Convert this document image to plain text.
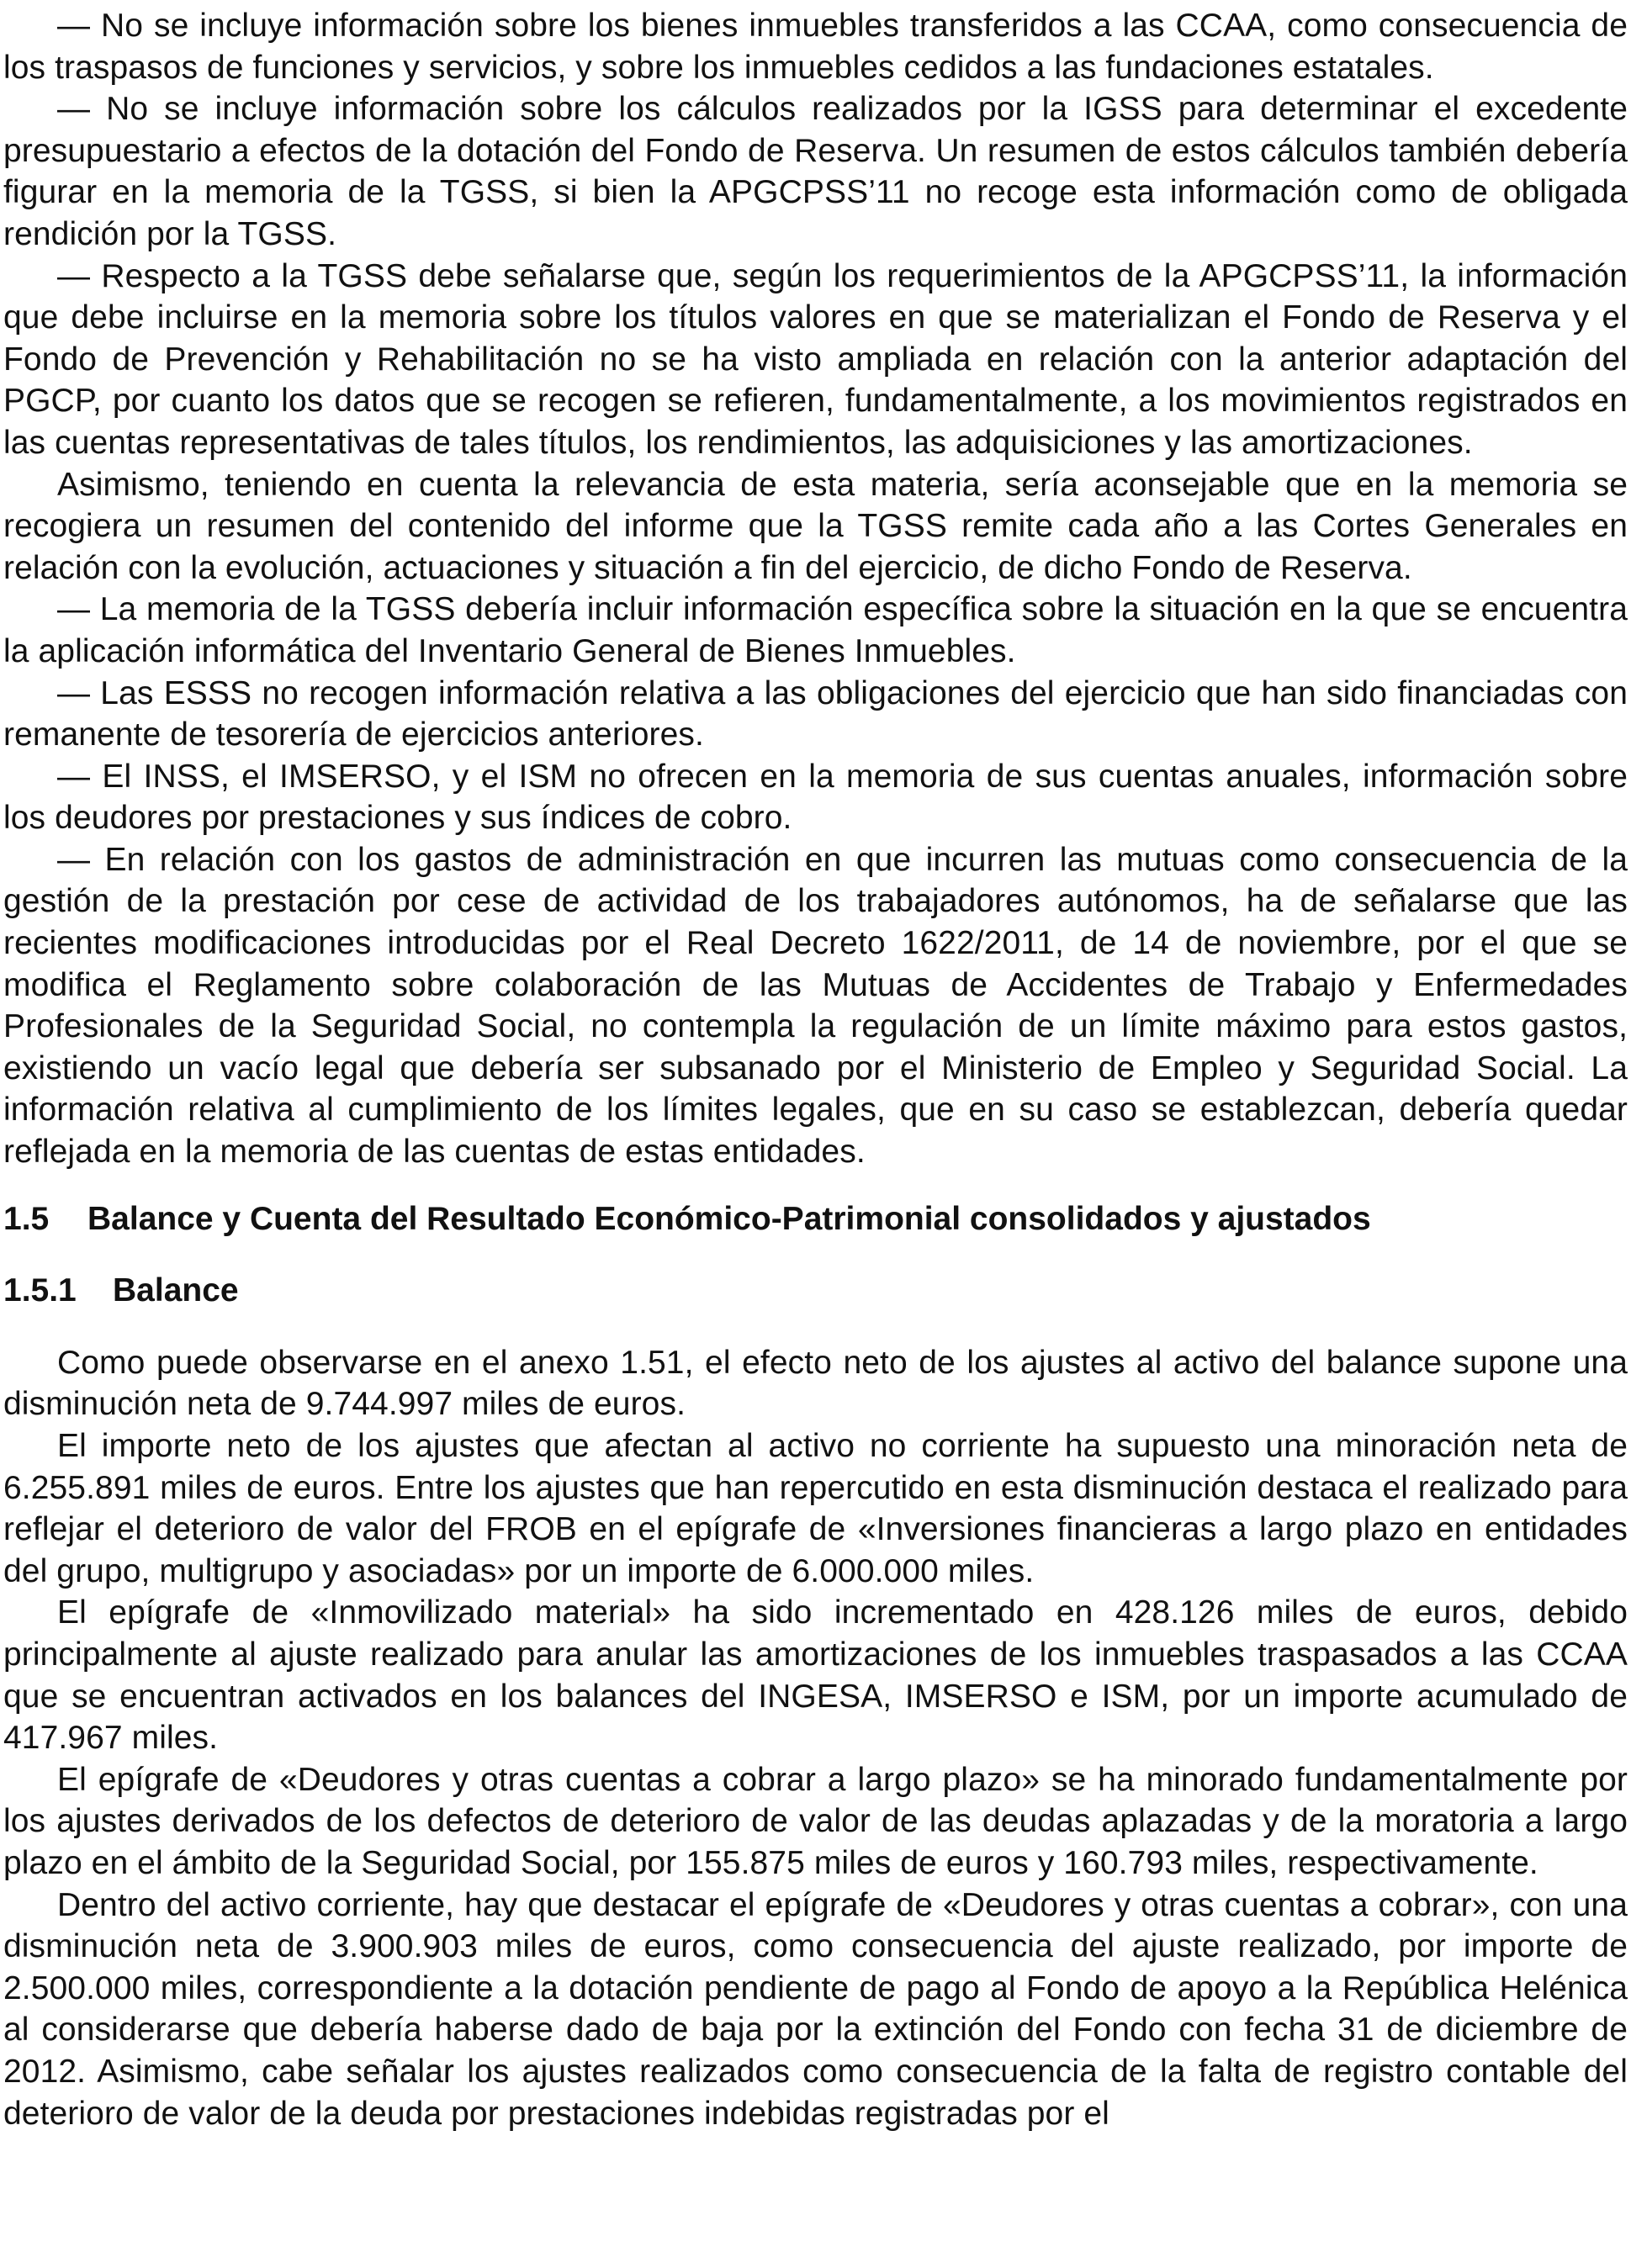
— No se incluye información sobre los bienes inmuebles transferidos a las CCAA, como consecuencia de los traspasos de funciones y servicios, y sobre los inmuebles cedidos a las fundaciones estatales.

— No se incluye información sobre los cálculos realizados por la IGSS para determinar el excedente presupuestario a efectos de la dotación del Fondo de Reserva. Un resumen de estos cálculos también debería figurar en la memoria de la TGSS, si bien la APGCPSS’11 no recoge esta información como de obligada rendición por la TGSS.

— Respecto a la TGSS debe señalarse que, según los requerimientos de la APGCPSS’11, la información que debe incluirse en la memoria sobre los títulos valores en que se materializan el Fondo de Reserva y el Fondo de Prevención y Rehabilitación no se ha visto ampliada en relación con la anterior adaptación del PGCP, por cuanto los datos que se recogen se refieren, fundamentalmente, a los movimientos registrados en las cuentas representativas de tales títulos, los rendimientos, las adquisiciones y las amortizaciones.

Asimismo, teniendo en cuenta la relevancia de esta materia, sería aconsejable que en la memoria se recogiera un resumen del contenido del informe que la TGSS remite cada año a las Cortes Generales en relación con la evolución, actuaciones y situación a fin del ejercicio, de dicho Fondo de Reserva.

— La memoria de la TGSS debería incluir información específica sobre la situación en la que se encuentra la aplicación informática del Inventario General de Bienes Inmuebles.

— Las ESSS no recogen información relativa a las obligaciones del ejercicio que han sido financiadas con remanente de tesorería de ejercicios anteriores.

— El INSS, el IMSERSO, y el ISM no ofrecen en la memoria de sus cuentas anuales, información sobre los deudores por prestaciones y sus índices de cobro.

— En relación con los gastos de administración en que incurren las mutuas como consecuencia de la gestión de la prestación por cese de actividad de los trabajadores autónomos, ha de señalarse que las recientes modificaciones introducidas por el Real Decreto 1622/2011, de 14 de noviembre, por el que se modifica el Reglamento sobre colaboración de las Mutuas de Accidentes de Trabajo y Enfermedades Profesionales de la Seguridad Social, no contempla la regulación de un límite máximo para estos gastos, existiendo un vacío legal que debería ser subsanado por el Ministerio de Empleo y Seguridad Social. La información relativa al cumplimiento de los límites legales, que en su caso se establezcan, debería quedar reflejada en la memoria de las cuentas de estas entidades.

1.5 Balance y Cuenta del Resultado Económico-Patrimonial consolidados y ajustados
1.5.1 Balance

Como puede observarse en el anexo 1.51, el efecto neto de los ajustes al activo del balance supone una disminución neta de 9.744.997 miles de euros.

El importe neto de los ajustes que afectan al activo no corriente ha supuesto una minoración neta de 6.255.891 miles de euros. Entre los ajustes que han repercutido en esta disminución destaca el realizado para reflejar el deterioro de valor del FROB en el epígrafe de «Inversiones financieras a largo plazo en entidades del grupo, multigrupo y asociadas» por un importe de 6.000.000 miles.

El epígrafe de «Inmovilizado material» ha sido incrementado en 428.126 miles de euros, debido principalmente al ajuste realizado para anular las amortizaciones de los inmuebles traspasados a las CCAA que se encuentran activados en los balances del INGESA, IMSERSO e ISM, por un importe acumulado de 417.967 miles.

El epígrafe de «Deudores y otras cuentas a cobrar a largo plazo» se ha minorado fundamentalmente por los ajustes derivados de los defectos de deterioro de valor de las deudas aplazadas y de la moratoria a largo plazo en el ámbito de la Seguridad Social, por 155.875 miles de euros y 160.793 miles, respectivamente.

Dentro del activo corriente, hay que destacar el epígrafe de «Deudores y otras cuentas a cobrar», con una disminución neta de 3.900.903 miles de euros, como consecuencia del ajuste realizado, por importe de 2.500.000 miles, correspondiente a la dotación pendiente de pago al Fondo de apoyo a la República Helénica al considerarse que debería haberse dado de baja por la extinción del Fondo con fecha 31 de diciembre de 2012. Asimismo, cabe señalar los ajustes realizados como consecuencia de la falta de registro contable del deterioro de valor de la deuda por prestaciones indebidas registradas por el
